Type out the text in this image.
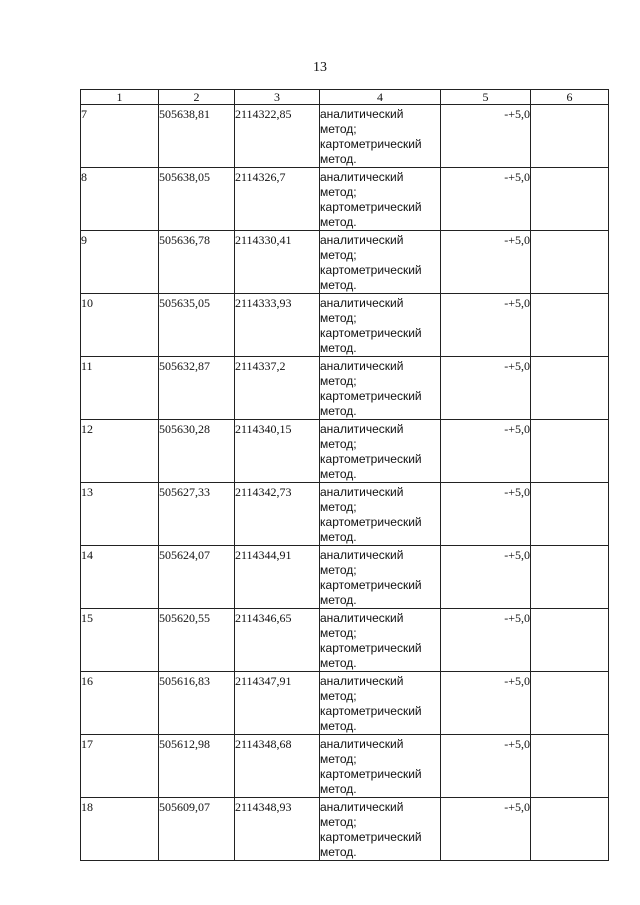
13
1	2	3	4	5	6
7	505638,81	2114322,85	аналитический
метод;
картометрический
метод.	-+5,0	
8	505638,05	2114326,7	аналитический
метод;
картометрический
метод.	-+5,0	
9	505636,78	2114330,41	аналитический
метод;
картометрический
метод.	-+5,0	
10	505635,05	2114333,93	аналитический
метод;
картометрический
метод.	-+5,0	
11	505632,87	2114337,2	аналитический
метод;
картометрический
метод.	-+5,0	
12	505630,28	2114340,15	аналитический
метод;
картометрический
метод.	-+5,0	
13	505627,33	2114342,73	аналитический
метод;
картометрический
метод.	-+5,0	
14	505624,07	2114344,91	аналитический
метод;
картометрический
метод.	-+5,0	
15	505620,55	2114346,65	аналитический
метод;
картометрический
метод.	-+5,0	
16	505616,83	2114347,91	аналитический
метод;
картометрический
метод.	-+5,0	
17	505612,98	2114348,68	аналитический
метод;
картометрический
метод.	-+5,0	
18	505609,07	2114348,93	аналитический
метод;
картометрический
метод.	-+5,0	
